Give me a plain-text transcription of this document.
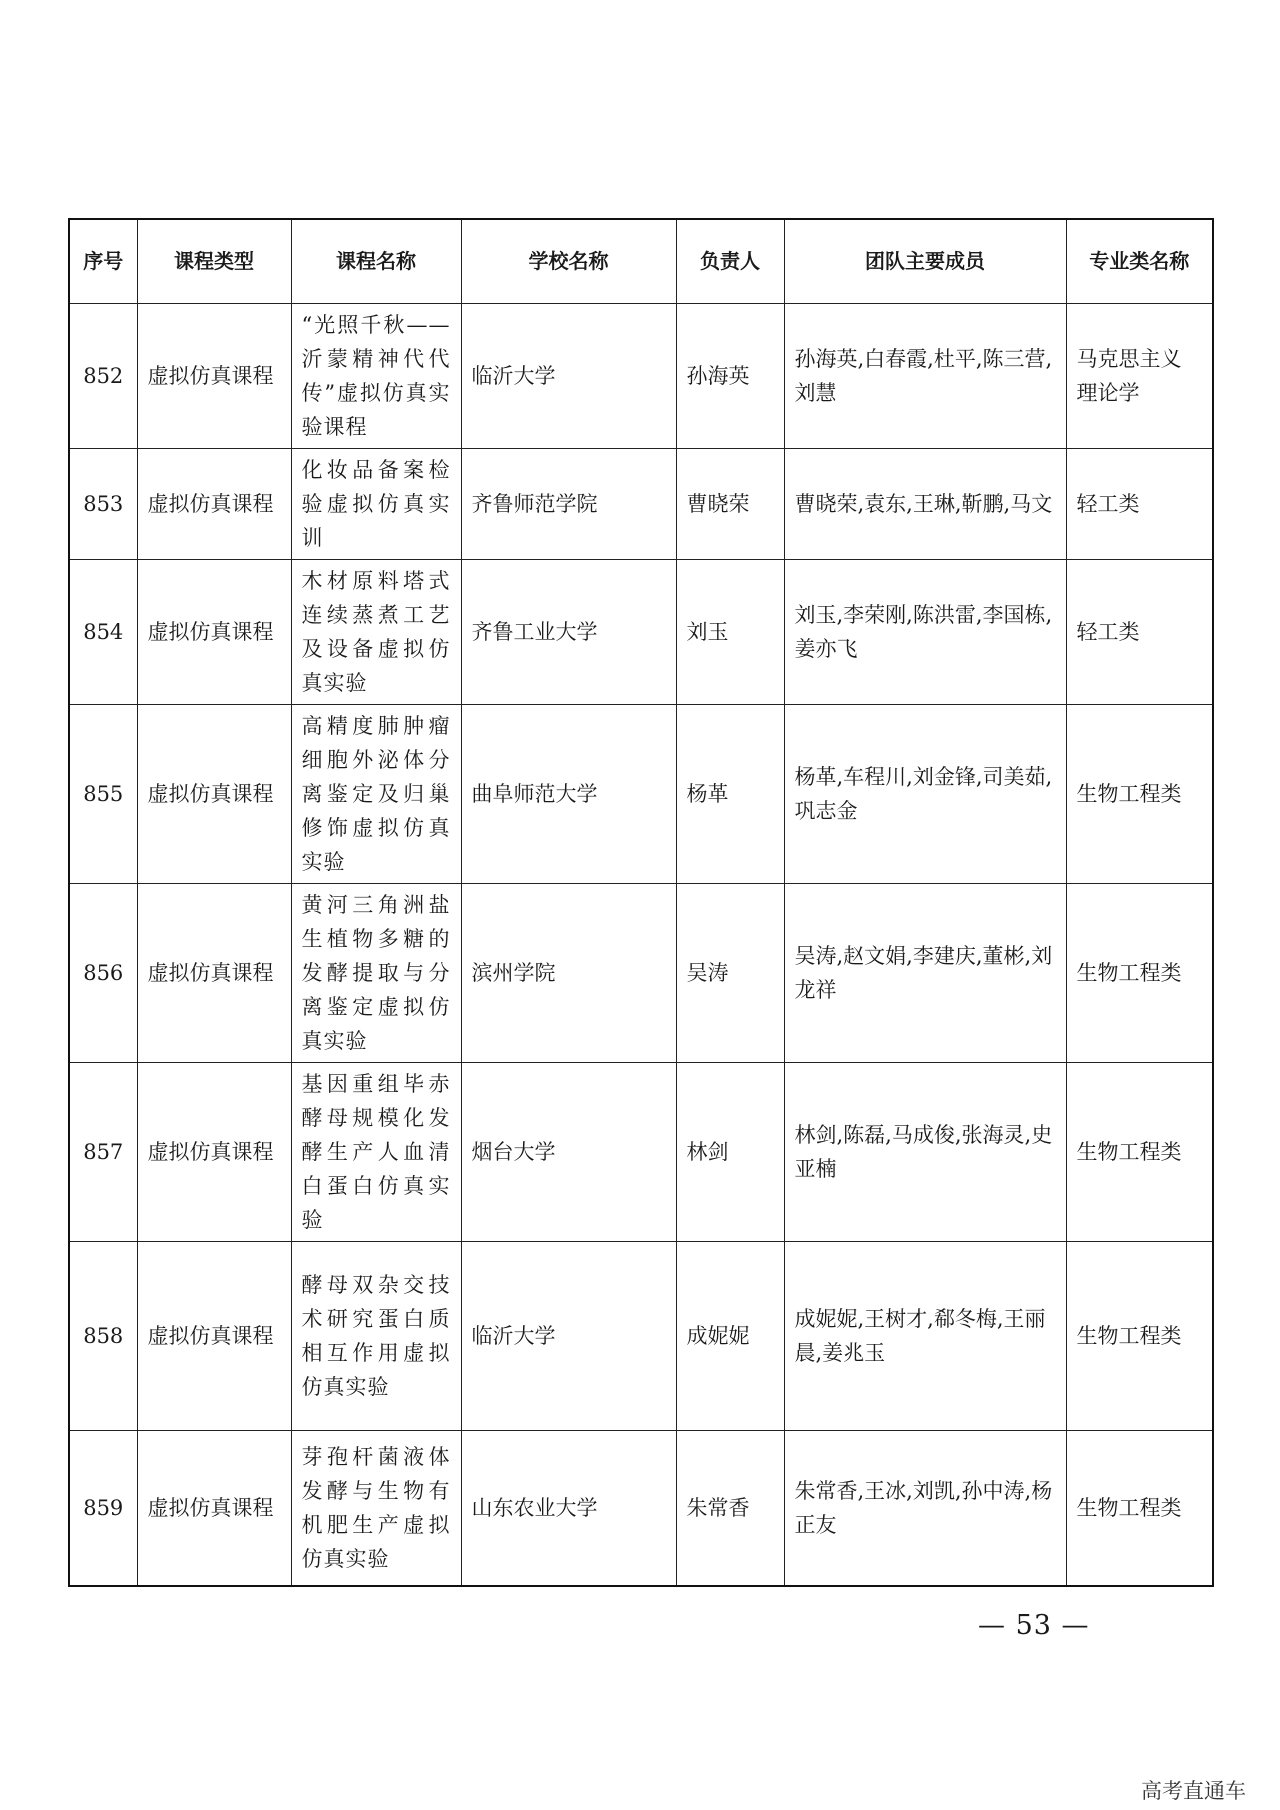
序号	课程类型	课程名称	学校名称	负责人	团队主要成员	专业类名称
852	虚拟仿真课程	“光照千秋——沂蒙精神代代传”虚拟仿真实验课程	临沂大学	孙海英	孙海英,白春霞,杜平,陈三营,刘慧	马克思主义理论学
853	虚拟仿真课程	化妆品备案检验虚拟仿真实训	齐鲁师范学院	曹晓荣	曹晓荣,袁东,王琳,靳鹏,马文	轻工类
854	虚拟仿真课程	木材原料塔式连续蒸煮工艺及设备虚拟仿真实验	齐鲁工业大学	刘玉	刘玉,李荣刚,陈洪雷,李国栋,姜亦飞	轻工类
855	虚拟仿真课程	高精度肺肿瘤细胞外泌体分离鉴定及归巢修饰虚拟仿真实验	曲阜师范大学	杨革	杨革,车程川,刘金锋,司美茹,巩志金	生物工程类
856	虚拟仿真课程	黄河三角洲盐生植物多糖的发酵提取与分离鉴定虚拟仿真实验	滨州学院	吴涛	吴涛,赵文娟,李建庆,董彬,刘龙祥	生物工程类
857	虚拟仿真课程	基因重组毕赤酵母规模化发酵生产人血清白蛋白仿真实验	烟台大学	林剑	林剑,陈磊,马成俊,张海灵,史亚楠	生物工程类
858	虚拟仿真课程	酵母双杂交技术研究蛋白质相互作用虚拟仿真实验	临沂大学	成妮妮	成妮妮,王树才,郗冬梅,王丽晨,姜兆玉	生物工程类
859	虚拟仿真课程	芽孢杆菌液体发酵与生物有机肥生产虚拟仿真实验	山东农业大学	朱常香	朱常香,王冰,刘凯,孙中涛,杨正友	生物工程类
— 53 —
高考直通车
